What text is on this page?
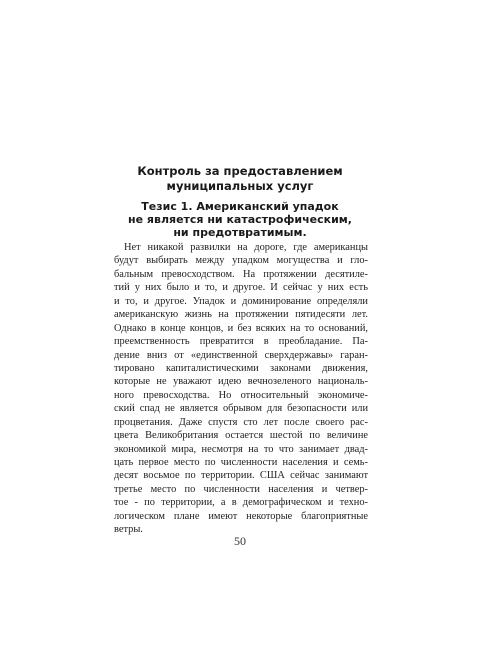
Контроль за предоставлением
муниципальных услуг
Тезис 1. Американский упадок
не является ни катастрофическим,
ни предотвратимым.
Нет никакой развилки на дороге, где американцы
будут выбирать между упадком могущества и гло-
бальным превосходством. На протяжении десятиле-
тий у них было и то, и другое. И сейчас у них есть
и то, и другое. Упадок и доминирование определяли
американскую жизнь на протяжении пятидесяти лет.
Однако в конце концов, и без всяких на то оснований,
преемственность превратится в преобладание. Па-
дение вниз от «единственной сверхдержавы» гаран-
тировано капиталистическими законами движения,
которые не уважают идею вечнозеленого националь-
ного превосходства. Но относительный экономиче-
ский спад не является обрывом для безопасности или
процветания. Даже спустя сто лет после своего рас-
цвета Великобритания остается шестой по величине
экономикой мира, несмотря на то что занимает двад-
цать первое место по численности населения и семь-
десят восьмое по территории. США сейчас занимают
третье место по численности населения и четвер-
тое - по территории, а в демографическом и техно-
логическом плане имеют некоторые благоприятные
ветры.
50
